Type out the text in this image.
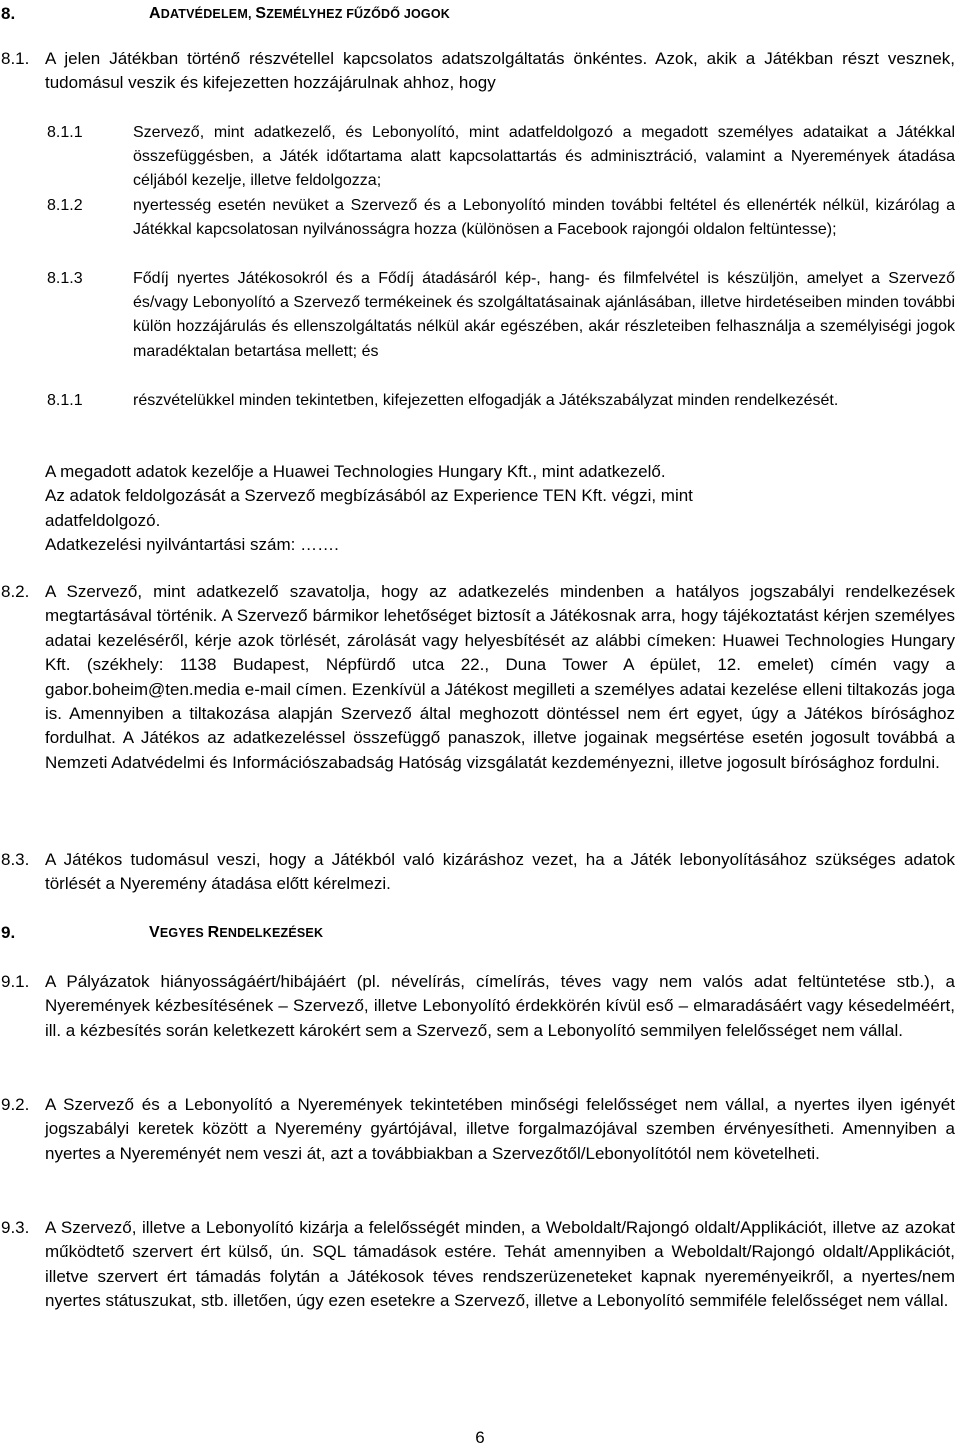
8.	ADATVÉDELEM, SZEMÉLYHEZ FŰZŐDŐ JOGOK
8.1. A jelen Játékban történő részvétellel kapcsolatos adatszolgáltatás önkéntes. Azok, akik a Játékban részt vesznek, tudomásul veszik és kifejezetten hozzájárulnak ahhoz, hogy
8.1.1	Szervező, mint adatkezelő, és Lebonyolító, mint adatfeldolgozó a megadott személyes adataikat a Játékkal összefüggésben, a Játék időtartama alatt kapcsolattartás és adminisztráció, valamint a Nyeremények átadása céljából kezelje, illetve feldolgozza;
8.1.2	nyertesség esetén nevüket a Szervező és a Lebonyolító minden további feltétel és ellenérték nélkül, kizárólag a Játékkal kapcsolatosan nyilvánosságra hozza (különösen a Facebook rajongói oldalon feltüntesse);
8.1.3	Fődíj nyertes Játékosokról és a Fődíj átadásáról kép-, hang- és filmfelvétel is készüljön, amelyet a Szervező és/vagy Lebonyolító a Szervező termékeinek és szolgáltatásainak ajánlásában, illetve hirdetéseiben minden további külön hozzájárulás és ellenszolgáltatás nélkül akár egészében, akár részleteiben felhasználja a személyiségi jogok maradéktalan betartása mellett; és
8.1.1	részvételükkel minden tekintetben, kifejezetten elfogadják a Játékszabályzat minden rendelkezését.
A megadott adatok kezelője a Huawei Technologies Hungary Kft., mint adatkezelő.
Az adatok feldolgozását a Szervező megbízásából az Experience TEN Kft. végzi, mint
adatfeldolgozó.
Adatkezelési nyilvántartási szám: …….
8.2. A Szervező, mint adatkezelő szavatolja, hogy az adatkezelés mindenben a hatályos jogszabályi rendelkezések megtartásával történik. A Szervező bármikor lehetőséget biztosít a Játékosnak arra, hogy tájékoztatást kérjen személyes adatai kezeléséről, kérje azok törlését, zárolását vagy helyesbítését az alábbi címeken: Huawei Technologies Hungary Kft. (székhely: 1138 Budapest, Népfürdő utca 22., Duna Tower A épület, 12. emelet) címén vagy a gabor.boheim@ten.media e-mail címen. Ezenkívül a Játékost megilleti a személyes adatai kezelése elleni tiltakozás joga is. Amennyiben a tiltakozása alapján Szervező által meghozott döntéssel nem ért egyet, úgy a Játékos bírósághoz fordulhat. A Játékos az adatkezeléssel összefüggő panaszok, illetve jogainak megsértése esetén jogosult továbbá a Nemzeti Adatvédelmi és Információszabadság Hatóság vizsgálatát kezdeményezni, illetve jogosult bírósághoz fordulni.
8.3. A Játékos tudomásul veszi, hogy a Játékból való kizáráshoz vezet, ha a Játék lebonyolításához szükséges adatok törlését a Nyeremény átadása előtt kérelmezi.
9.	VEGYES RENDELKEZÉSEK
9.1. A Pályázatok hiányosságáért/hibájáért (pl. névelírás, címelírás, téves vagy nem valós adat feltüntetése stb.), a Nyeremények kézbesítésének – Szervező, illetve Lebonyolító érdekkörén kívül eső – elmaradásáért vagy késedelméért, ill. a kézbesítés során keletkezett károkért sem a Szervező, sem a Lebonyolító semmilyen felelősséget nem vállal.
9.2. A Szervező és a Lebonyolító a Nyeremények tekintetében minőségi felelősséget nem vállal, a nyertes ilyen igényét jogszabályi keretek között a Nyeremény gyártójával, illetve forgalmazójával szemben érvényesítheti. Amennyiben a nyertes a Nyereményét nem veszi át, azt a továbbiakban a Szervezőtől/Lebonyolítótól nem követelheti.
9.3. A Szervező, illetve a Lebonyolító kizárja a felelősségét minden, a Weboldalt/Rajongó oldalt/Applikációt, illetve az azokat működtető szervert ért külső, ún. SQL támadások estére. Tehát amennyiben a Weboldalt/Rajongó oldalt/Applikációt, illetve szervert ért támadás folytán a Játékosok téves rendszerüzeneteket kapnak nyereményeikről, a nyertes/nem nyertes státuszukat, stb. illetően, úgy ezen esetekre a Szervező, illetve a Lebonyolító semmiféle felelősséget nem vállal.
6
